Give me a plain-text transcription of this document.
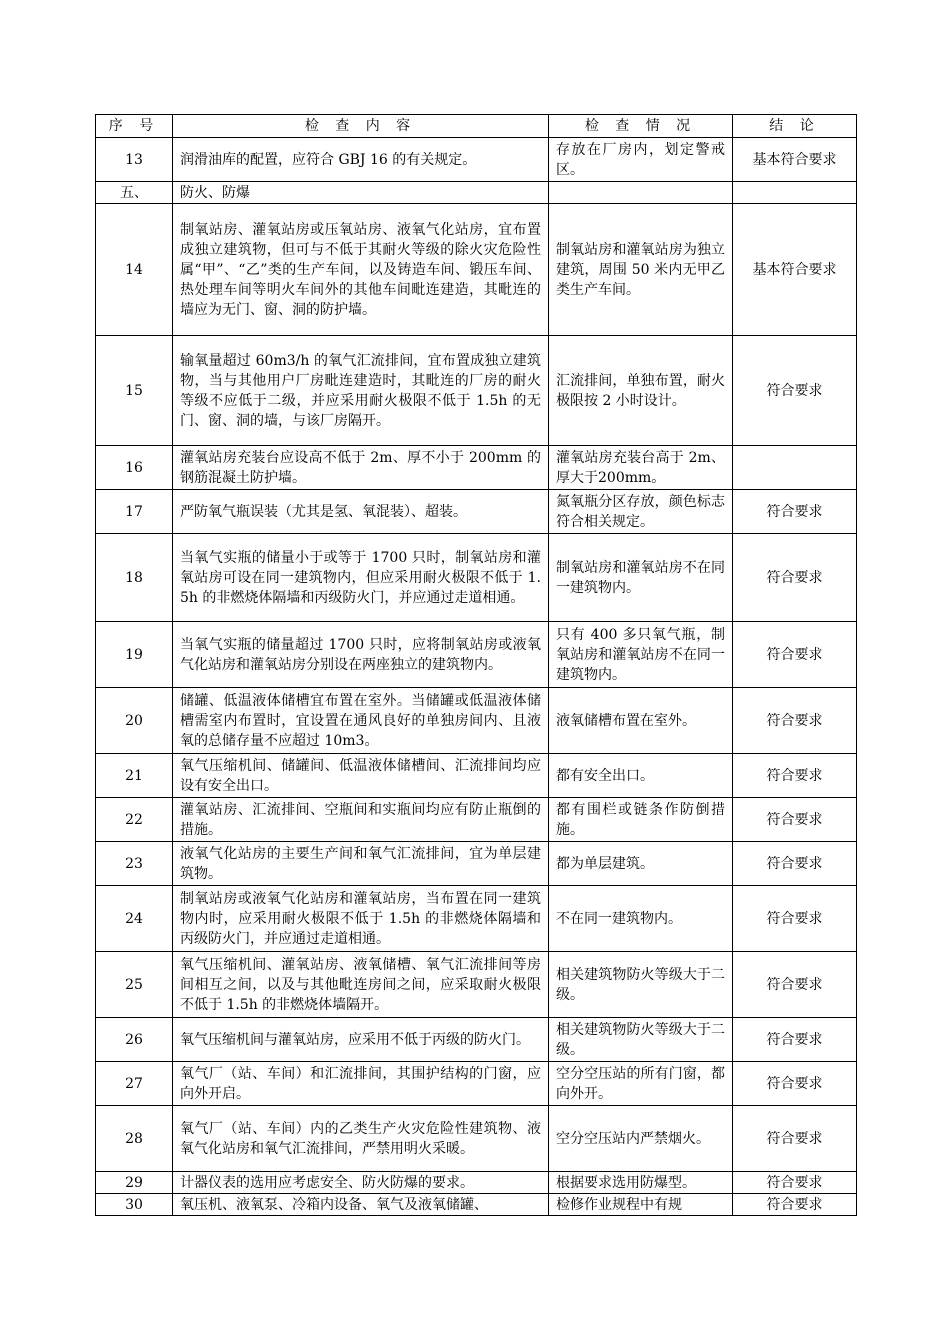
序 号	检 查 内 容	检 查 情 况	结 论
13	润滑油库的配置，应符合 GBJ 16 的有关规定。	存放在厂房内，划定警戒区。	基本符合要求
五、	防火、防爆		
14	制氧站房、灌氧站房或压氧站房、液氧气化站房，宜布置成独立建筑物，但可与不低于其耐火等级的除火灾危险性属“甲”、“乙”类的生产车间，以及铸造车间、锻压车间、热处理车间等明火车间外的其他车间毗连建造，其毗连的墙应为无门、窗、洞的防护墙。	制氧站房和灌氧站房为独立建筑，周围 50 米内无甲乙类生产车间。	基本符合要求
15	输氧量超过 60m3/h 的氧气汇流排间，宜布置成独立建筑物，当与其他用户厂房毗连建造时，其毗连的厂房的耐火等级不应低于二级，并应采用耐火极限不低于 1.5h 的无门、窗、洞的墙，与该厂房隔开。	汇流排间，单独布置，耐火极限按 2 小时设计。	符合要求
16	灌氧站房充装台应设高不低于 2m、厚不小于 200mm 的钢筋混凝土防护墙。	灌氧站房充装台高于 2m、厚大于200mm。	
17	严防氧气瓶误装（尤其是氢、氧混装）、超装。	氮氧瓶分区存放，颜色标志符合相关规定。	符合要求
18	当氧气实瓶的储量小于或等于 1700 只时，制氧站房和灌氧站房可设在同一建筑物内，但应采用耐火极限不低于 1.5h 的非燃烧体隔墙和丙级防火门，并应通过走道相通。	制氧站房和灌氧站房不在同一建筑物内。	符合要求
19	当氧气实瓶的储量超过 1700 只时，应将制氧站房或液氧气化站房和灌氧站房分别设在两座独立的建筑物内。	只有 400 多只氧气瓶，制氧站房和灌氧站房不在同一建筑物内。	符合要求
20	储罐、低温液体储槽宜布置在室外。当储罐或低温液体储槽需室内布置时，宜设置在通风良好的单独房间内、且液氧的总储存量不应超过 10m3。	液氧储槽布置在室外。	符合要求
21	氧气压缩机间、储罐间、低温液体储槽间、汇流排间均应设有安全出口。	都有安全出口。	符合要求
22	灌氧站房、汇流排间、空瓶间和实瓶间均应有防止瓶倒的措施。	都有围栏或链条作防倒措施。	符合要求
23	液氧气化站房的主要生产间和氧气汇流排间，宜为单层建筑物。	都为单层建筑。	符合要求
24	制氧站房或液氧气化站房和灌氧站房，当布置在同一建筑物内时，应采用耐火极限不低于 1.5h 的非燃烧体隔墙和丙级防火门，并应通过走道相通。	不在同一建筑物内。	符合要求
25	氧气压缩机间、灌氧站房、液氧储槽、氧气汇流排间等房间相互之间，以及与其他毗连房间之间，应采取耐火极限不低于 1.5h 的非燃烧体墙隔开。	相关建筑物防火等级大于二级。	符合要求
26	氧气压缩机间与灌氧站房，应采用不低于丙级的防火门。	相关建筑物防火等级大于二级。	符合要求
27	氧气厂（站、车间）和汇流排间，其围护结构的门窗，应向外开启。	空分空压站的所有门窗，都向外开。	符合要求
28	氧气厂（站、车间）内的乙类生产火灾危险性建筑物、液氧气化站房和氧气汇流排间，严禁用明火采暖。	空分空压站内严禁烟火。	符合要求
29	计器仪表的选用应考虑安全、防火防爆的要求。	根据要求选用防爆型。	符合要求
30	氧压机、液氧泵、冷箱内设备、氧气及液氧储罐、	检修作业规程中有规	符合要求
